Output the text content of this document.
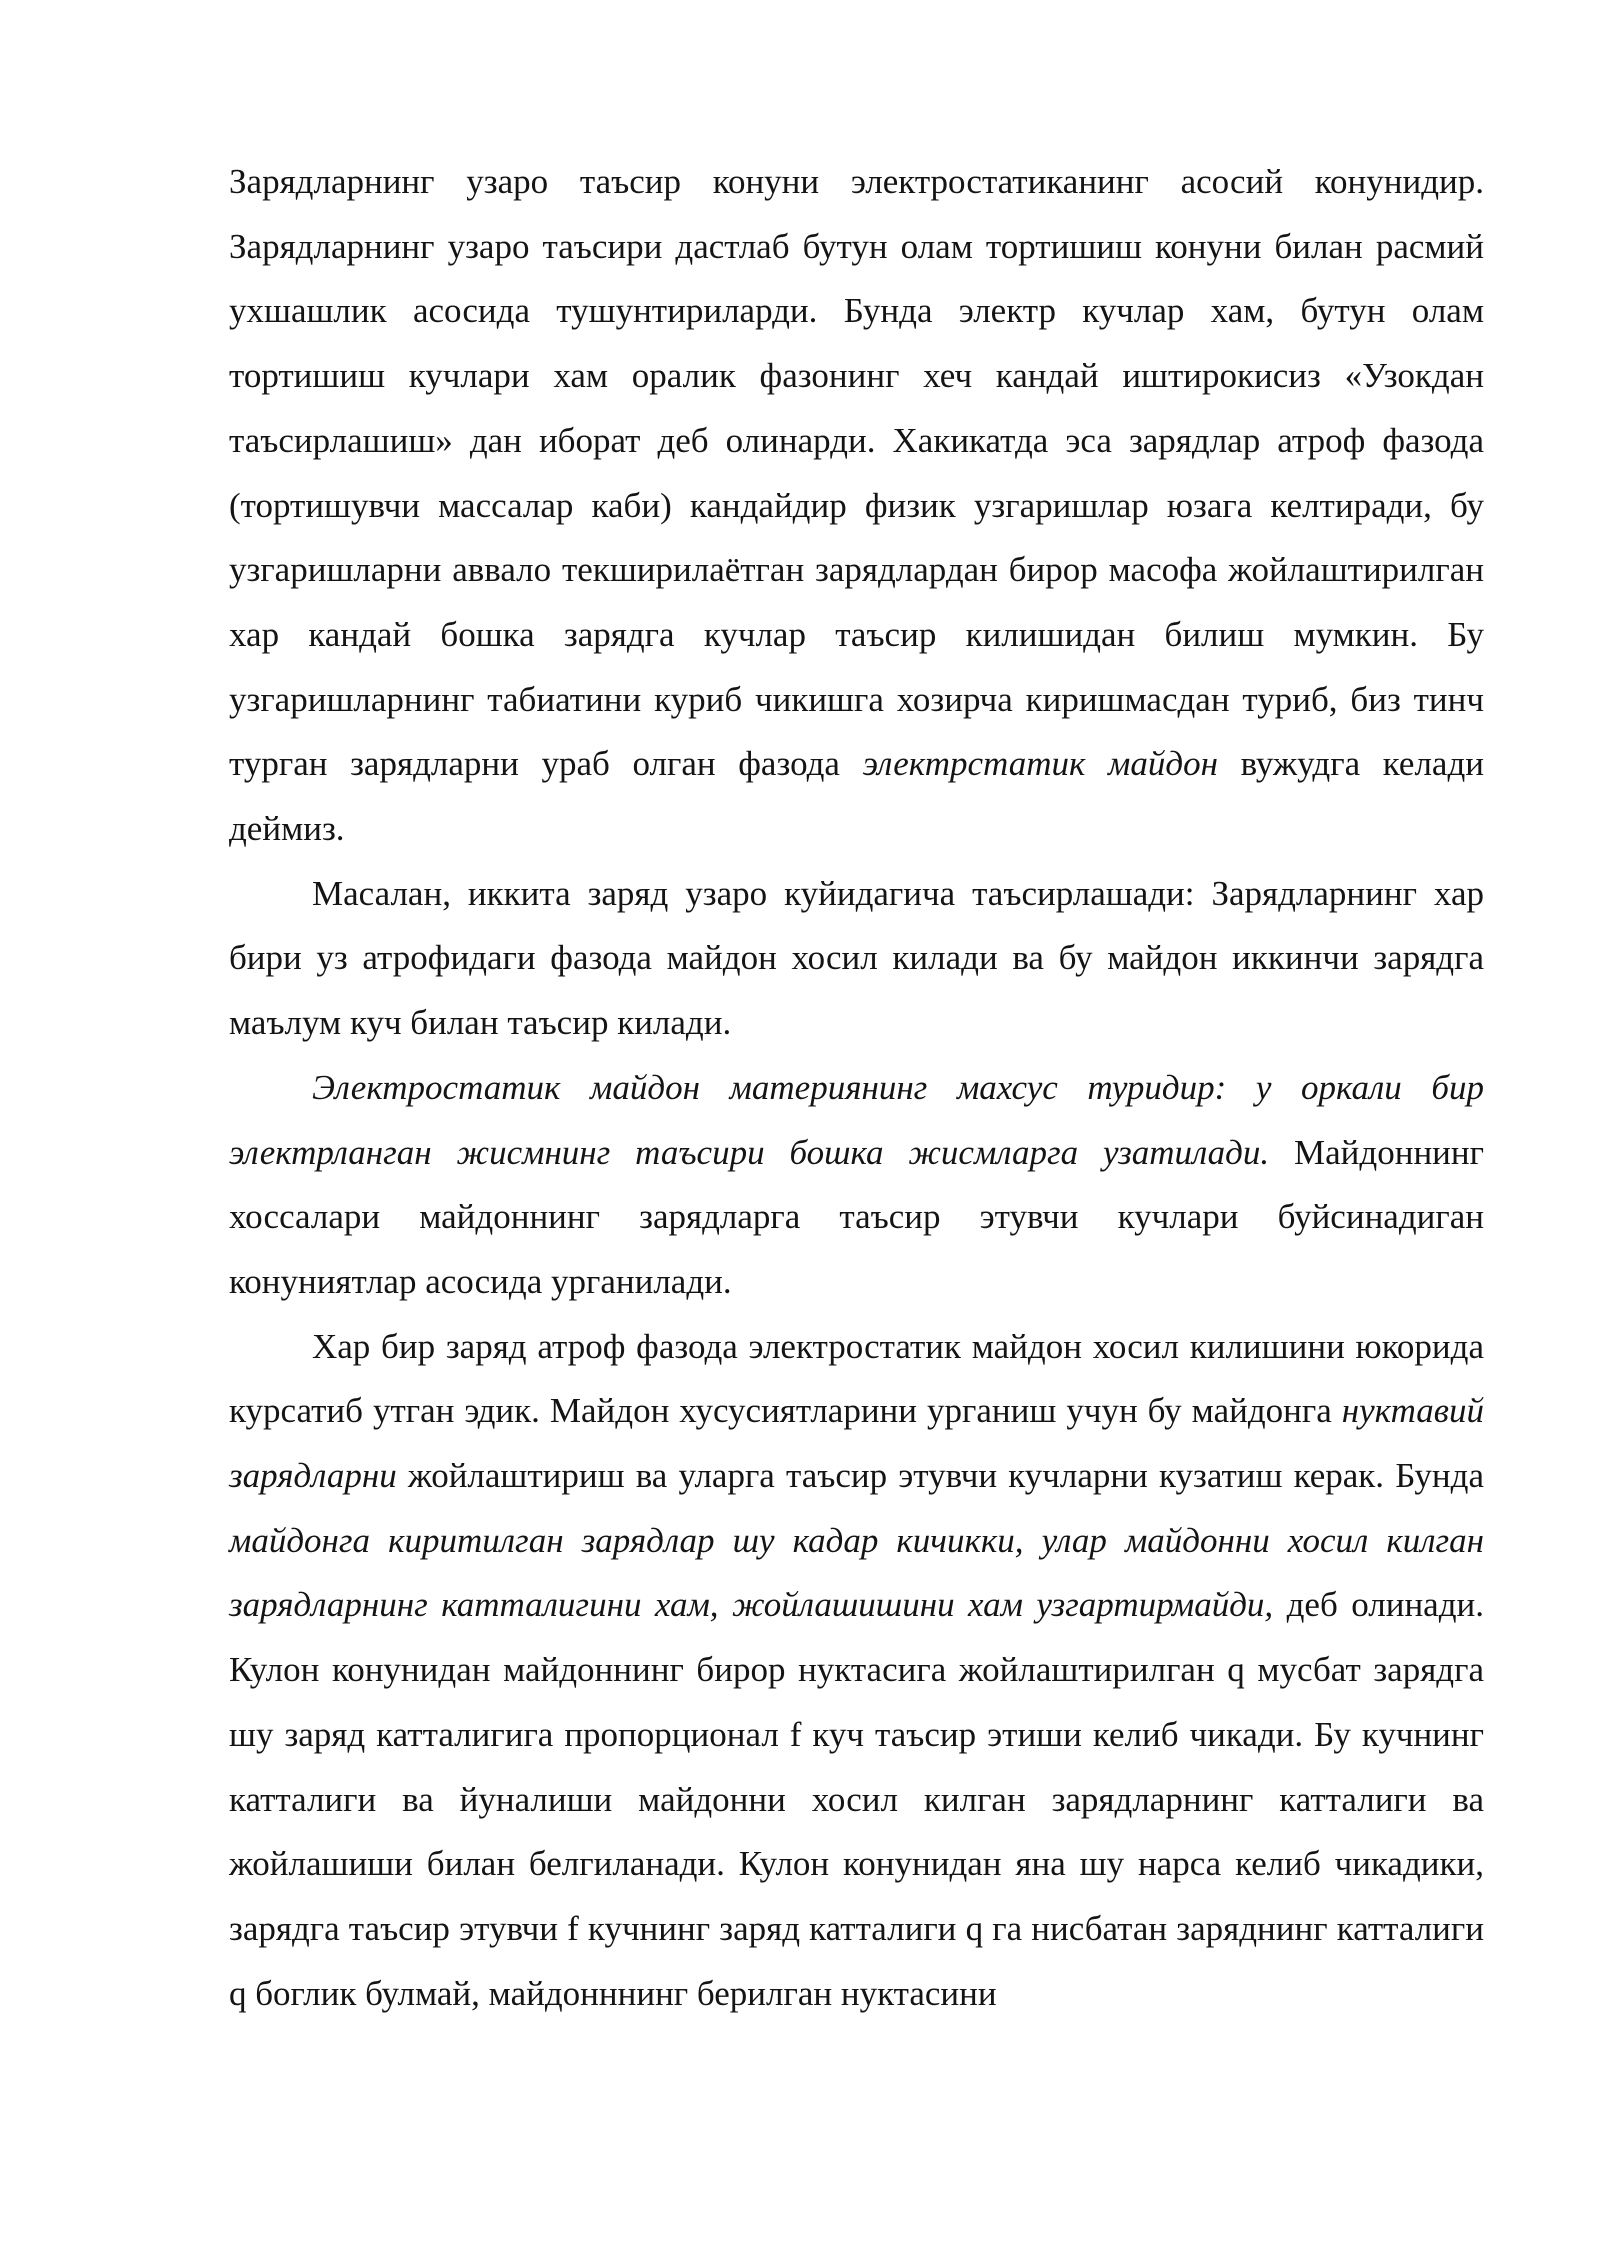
Зарядларнинг узаро таъсир конуни электростатиканинг асосий конунидир. Зарядларнинг узаро таъсири дастлаб бутун олам тортишиш конуни билан расмий ухшашлик асосида тушунтириларди. Бунда электр кучлар хам, бутун олам тортишиш кучлари хам оралик фазонинг хеч кандай иштирокисиз «Узокдан таъсирлашиш» дан иборат деб олинарди. Хакикатда эса зарядлар атроф фазода (тортишувчи массалар каби) кандайдир физик узгаришлар юзага келтиради, бу узгаришларни аввало текширилаётган зарядлардан бирор масофа жойлаштирилган хар кандай бошка зарядга кучлар таъсир килишидан билиш мумкин. Бу узгаришларнинг табиатини куриб чикишга хозирча киришмасдан туриб, биз тинч турган зарядларни ураб олган фазода электрстатик майдон вужудга келади деймиз.

Масалан, иккита заряд узаро куйидагича таъсирлашади: Зарядларнинг хар бири уз атрофидаги фазода майдон хосил килади ва бу майдон иккинчи зарядга маълум куч билан таъсир килади.

Электростатик майдон материянинг махсус туридир: у оркали бир электрланган жисмнинг таъсири бошка жисмларга узатилади. Майдоннинг хоссалари майдоннинг зарядларга таъсир этувчи кучлари буйсинадиган конуниятлар асосида урганилади.

Хар бир заряд атроф фазода электростатик майдон хосил килишини юкорида курсатиб утган эдик. Майдон хусусиятларини урганиш учун бу майдонга нуктавий зарядларни жойлаштириш ва уларга таъсир этувчи кучларни кузатиш керак. Бунда майдонга киритилган зарядлар шу кадар кичикки, улар майдонни хосил килган зарядларнинг катталигини хам, жойлашишини хам узгартирмайди, деб олинади. Кулон конунидан майдоннинг бирор нуктасига жойлаштирилган q мусбат зарядга шу заряд катталигига пропорционал f куч таъсир этиши келиб чикади. Бу кучнинг катталиги ва йуналиши майдонни хосил килган зарядларнинг катталиги ва жойлашиши билан белгиланади. Кулон конунидан яна шу нарса келиб чикадики, зарядга таъсир этувчи f кучнинг заряд катталиги q га нисбатан заряднинг катталиги q боглик булмай, майдонннинг берилган нуктасини
